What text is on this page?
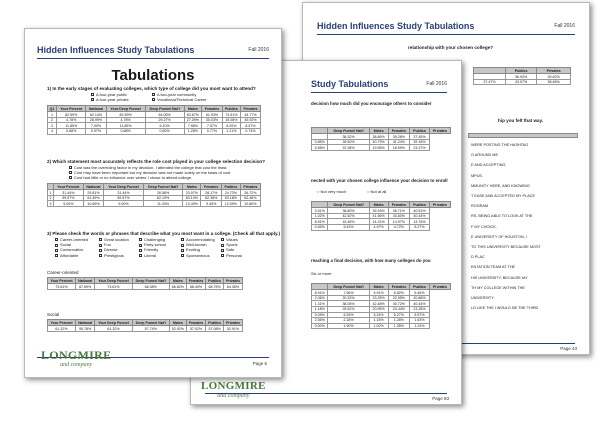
Hidden Influences Study Tabulations	Fall 2016
relationship with your chosen college?
	Publics	Privates
	36.93%	39.62%
37.47%	43.07%	38.46%
hip you felt that way.
WERE POSTING THE HASHTAG
O AROUND ME
E AND ACCEPTING.
MPUS.
MMUNITY HERE, AND KNOWING
T EASE AND ACCEPTED MY PLACE
ROGRAM
RS, BEING ABLE TO LOOK AT THE
F MY CHOICE.
E UNIVERSITY OF HOUSTON, I
TO THIS UNIVERSITY BECAUSE MOST
D PLAC
ENTATION TEAM AT THE
HIS UNIVERSITY, BECAUSE MY
TH MY COLLEGE WITHIN THE
UNIVERSITY.
LD LIKE THE I WOULD BE THE THIRD
Page 43
Study Tabulations	Fall 2016
decision how much did you encourage others to consider
	Deep Funnel Nat'l	Males	Females	Publics	Privates
	38.32%	38.86%	39.28%	37.45%	
0.85%	39.50%	40.79%	41.24%	39.18%	
5.58%	22.38%	19.55%	18.99%	23.37%	
nected with your chosen college influence your decision to enroll
○ Not very much	○ Not at all
	Deep Funnel Nat'l	Males	Females	Publics	Privates
3.91%	36.80%	39.16%	36.71%	40.51%	
1.02%	42.52%	41.56%	43.60%	40.44%	
8.91%	15.45%	14.31%	14.97%	13.78%	
0.55%	5.43%	4.97%	4.72%	5.27%	
reaching a final decision, with how many colleges do you
Six or more
	Deep Funnel Nat'l	Males	Females	Publics	Privates
8.91%	7.96%	5.91%	6.82%	5.46%	
2.06%	20.32%	23.25%	22.95%	20.88%	
1.31%	38.05%	42.48%	40.72%	40.44%	
1.18%	25.52%	20.95%	23.44%	23.28%	
5.05%	6.26%	5.24%	5.27%	6.57%	
2.55%	2.18%	1.15%	1.28%	1.63%	
0.00%	1.90%	1.02%	1.35%	1.24%	
Page 83
LONGMIRE
and company
Hidden Influences Study Tabulations	Fall 2016
Tabulations
1) In the early stages of evaluating colleges, which type of college did you most want to attend?
A four-year public	A two-year community
A four-year private	Vocational/Technical Career
Q1	Your Percent	National	Your Deep Funnel	Deep Funnel Nat'l	Males	Females	Publics	Privates
1	82.59%	62.14%	82.59%	64.05%	63.67%	61.93%	73.51%	44.77%
2	4.78%	28.99%	4.78%	29.27%	27.09%	30.03%	19.08%	45.92%
3	11.85%	7.90%	11.85%	6.10%	7.98%	7.57%	6.20%	8.57%
4	0.68%	0.97%	0.68%	0.60%	1.26%	0.77%	1.21%	0.74%
2) Which statement most accurately reflects the role cost played in your college selection decision?
Cost was the overriding factor in my decision. I attended the college that cost the least.
Cost may have been important but my decision was not made solely on the basis of cost
Cost had little or no influence over where I chose to attend college.
	Your Percent	National	Your Deep Funnel	Deep Funnel Nat'l	Males	Females	Publics	Privates
1	31.44%	29.81%	31.44%	26.58%	23.97%	28.17%	24.73%	26.72%
2	59.57%	61.49%	59.57%	62.19%	63.14%	62.38%	63.18%	62.48%
3	9.00%	10.89%	9.00%	11.43%	13.49%	9.45%	12.09%	10.80%
3) Please check the words or phrases that describe what you most want in a college. (Check all that apply.)
Career-oriented	Great location	Challenging	Accommodating	Values
Social	Fun	Party school	Well-known	Sports
Conservative	Diverse	Friendly	Exciting	Safe
Affordable	Prestigious	Liberal	Spontaneous	Personal
Career-oriented
Your Percent	National	Your Deep Funnel	Deep Funnel Nat'l	Males	Females	Publics	Privates
73.61%	67.69%	73.61%	68.38%	66.82%	68.40%	68.75%	64.36%
Social
Your Percent	National	Your Deep Funnel	Deep Funnel Nat'l	Males	Females	Publics	Privates
61.32%	55.78%	61.32%	57.74%	52.92%	57.02%	57.08%	52.91%
Page 6
LONGMIRE
and company
